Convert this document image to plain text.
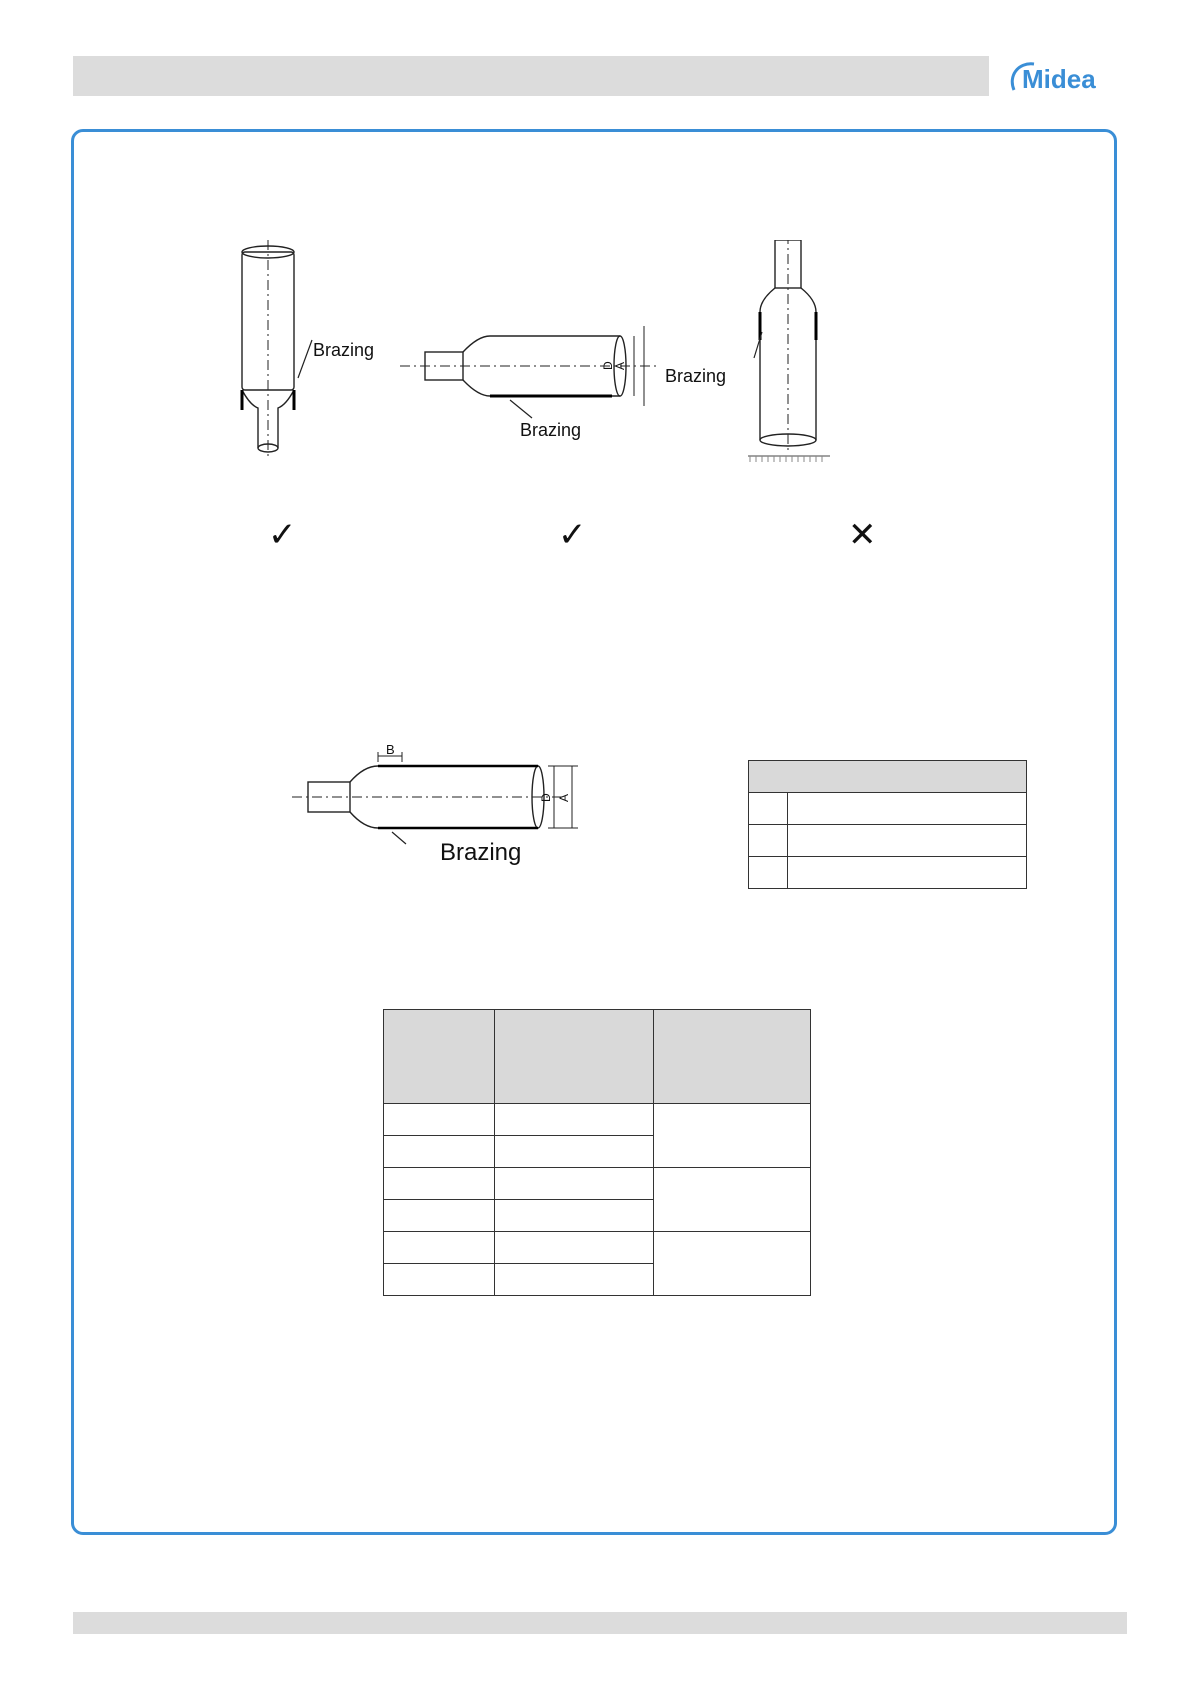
Midea
Brazing
D
A
Brazing
Brazing
✓	✓	✕
B
D A
Brazing
